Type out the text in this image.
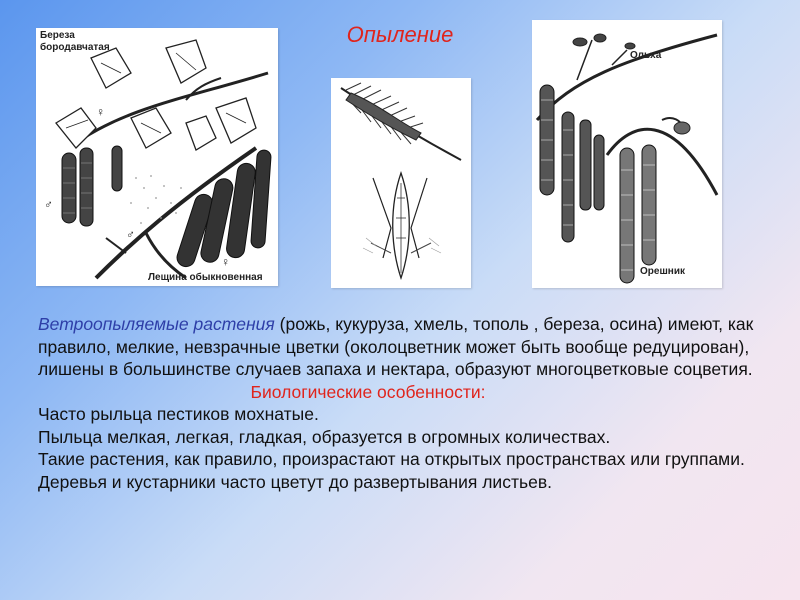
Опыление
Береза
бородавчатая
Лещина обыкновенная
♀
♂
♀
♂
Ольха
Орешник

Ветроопыляемые растения (рожь, кукуруза, хмель, тополь , береза, осина) имеют, как правило, мелкие, невзрачные цветки (околоцветник может быть вообще редуцирован), лишены в большинстве случаев запаха и нектара, образуют многоцветковые соцветия.

Биологические особенности:

Часто рыльца пестиков мохнатые.

Пыльца мелкая, легкая, гладкая, образуется в огромных количествах.

Такие растения, как правило, произрастают на открытых пространствах или группами.

Деревья и кустарники часто цветут до развертывания листьев.
